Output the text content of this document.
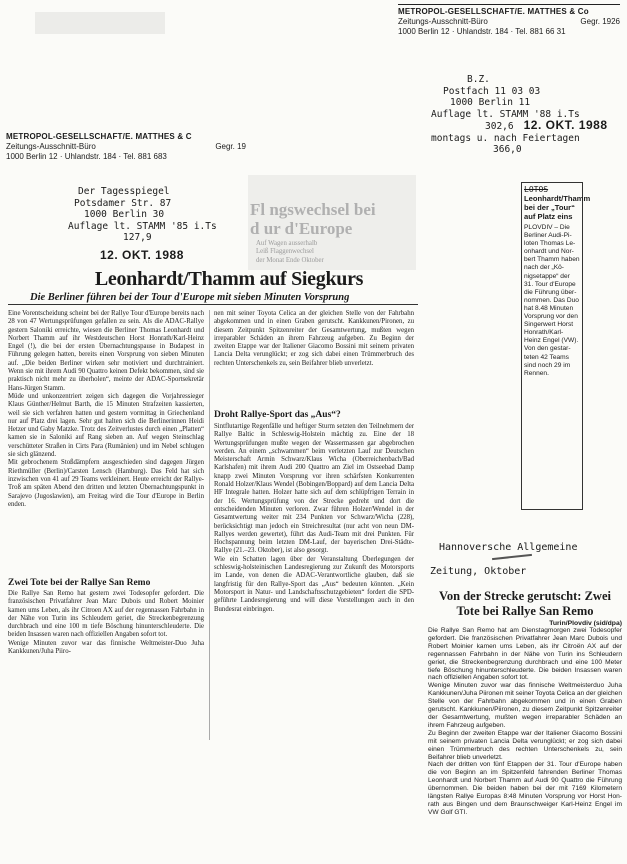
METROPOL-GESELLSCHAFT/E. MATTHES & Co
Zeitungs-Ausschnitt-Büro	Gegr. 1926
1000 Berlin 12 · Uhlandstr. 184 · Tel. 881 66 31
B.Z.
Postfach 11 03 03
1000 Berlin 11
Auflage lt. STAMM '88 i.Ts
302,6 12. OKT. 1988
montags u. nach Feiertagen
366,0
METROPOL-GESELLSCHAFT/E. MATTHES & C
Zeitungs-Ausschnitt-Büro	Gegr. 19
1000 Berlin 12 · Uhlandstr. 184 · Tel. 881 683
Der Tagesspiegel
Potsdamer Str. 87
1000 Berlin 30
Auflage lt. STAMM '85 i.Ts
127,9
12. OKT. 1988
Fl ngswechsel bei
d ur d'Europe
Auf Wagen ausserhalb
Leiß Flaggenwechsel
der Monat Ende Oktober
Leonhardt/Thamm auf Siegkurs
Die Berliner führen bei der Tour d'Europe mit sieben Minuten Vorsprung
Eine Vorentscheidung scheint bei der Rallye Tour d'Europe bereits nach 28 von 47 Wertungsprüfungen gefallen zu sein. Als die ADAC-Rallye gestern Saloniki erreichte, wiesen die Berliner Thomas Leonhardt und Norbert Thamm auf ihr Westdeutschen Horst Honrath/Karl-Heinz Engel (!), die bei der ersten Übernachtungspause in Budapest in Führung gelegen hatten, bereits einen Vorsprung von sieben Minuten auf. „Die beiden Berliner wirken sehr motiviert und durchtrainiert. Wenn sie mit ihrem Audi 90 Quattro keinen Defekt bekommen, sind sie praktisch nicht mehr zu überholen“, meinte der ADAC-Sportsekretär Hans-Jürgen Stamm.
Müde und unkonzentriert zeigen sich dagegen die Vorjahressieger Klaus Günther/Helmut Barth, die 15 Minuten Strafzeiten kassierten, weil sie sich verfahren hatten und gestern vormittag in Griechenland nur auf Platz drei lagen. Sehr gut halten sich die Berlinerinnen Heidi Hetzer und Gaby Matzke. Trotz des Zeitverlustes durch einen „Platten“ kamen sie in Saloniki auf Rang sieben an. Auf wegen Steinschlag verschütteter Straßen in Cirts Para (Rumänien) und im Nebel schlugen sie sich glänzend.
Mit gebrochenem Stoßdämpfern ausgeschieden sind dagegen Jürgen Riethmüller (Berlin)/Carsten Lensch (Hamburg). Das Feld hat sich inzwischen von 41 auf 29 Teams verkleinert. Heute erreicht der Rallye-Troß am späten Abend den dritten und letzten Übernachtungspunkt in Sarajevo (Jugoslawien), am Freitag wird die Tour d'Europe in Berlin enden.
Zwei Tote bei der Rallye San Remo
Die Rallye San Remo hat gestern zwei Todesopfer gefordert. Die französischen Privatfahrer Jean Marc Dubois und Robert Moinier kamen ums Leben, als ihr Citroen AX auf der regennassen Fahrbahn in der Nähe von Turin ins Schleudern geriet, die Streckenbegrenzung durchbrach und eine 100 m tiefe Böschung hinunterschleuderte. Die beiden Insassen waren nach offiziellen Angaben sofort tot.
Wenige Minuten zuvor war das finnische Weltmeister-Duo Juha Kankkunen/Juha Piiro-
nen mit seiner Toyota Celica an der gleichen Stelle von der Fahrbahn abgekommen und in einen Graben gerutscht. Kankkunen/Pironen, zu diesem Zeitpunkt Spitzenreiter der Gesamtwertung, mußten wegen irreparabler Schäden an ihrem Fahrzeug aufgeben. Zu Beginn der zweiten Etappe war der Italiener Giacomo Bossini mit seinem privaten Lancia Delta verunglückt; er zog sich dabei einen Trümmerbruch des rechten Unterschenkels zu, sein Beifahrer blieb unverletzt.
Droht Rallye-Sport das „Aus“?
Sintflutartige Regenfälle und heftiger Sturm setzten den Teilnehmern der Rallye Baltic in Schleswig-Holstein mächtig zu. Eine der 18 Wertungsprüfungen mußte wegen der Wassermassen gar abgebrochen werden. An einem „schwammen“ beim verletzten Lauf zur Deutschen Meisterschaft Armin Schwarz/Klaus Wicha (Oberreichenbach/Bad Karlshafen) mit ihrem Audi 200 Quattro am Ziel im Ostseebad Damp knapp zwei Minuten Vorsprung vor ihren schärfsten Konkurrenten Ronald Holzer/Klaus Wendel (Bobingen/Boppard) auf dem Lancia Delta HF Integrale hatten. Holzer hatte sich auf dem schlüpfrigen Terrain in der 16. Wertungsprüfung von der Strecke gedreht und dort die entscheidenden Minuten verloren. Zwar führen Holzer/Wendel in der Gesamtwertung weiter mit 234 Punkten vor Schwarz/Wicha (228), berücksichtigt man jedoch ein Streichresultat (nur acht von neun DM-Rallyes werden gewertet), führt das Audi-Team mit drei Punkten. Für Hochspannung beim letzten DM-Lauf, der bayerischen Drei-Städte-Rallye (21.–23. Oktober), ist also gesorgt.
Wie ein Schatten lagen über der Veranstaltung Überlegungen der schleswig-holsteinischen Landesregierung zur Zukunft des Motorsports im Lande, von denen die ADAC-Verantwortliche glauben, daß sie langfristig für den Rallye-Sport das „Aus“ bedeuten könnten. „Kein Motorsport in Natur- und Landschaftsschutzgebieten“ fordert die SPD-geführte Landesregierung und will diese Vorstellungen auch in den Bundesrat einbringen.
LOTOS
Leonhardt/Thamm bei der „Tour“ auf Platz eins
PLOVDIV – Die Berliner Audi-Piloten Thomas Leonhardt und Norbert Thamm haben nach der „Königsetappe“ der 31. Tour d'Europe die Führung übernommen. Das Duo hat 8.48 Minuten Vorsprung vor den Singerwert Horst Honrath/Karl-Heinz Engel (VW).
Von den gestarteten 42 Teams sind noch 29 im Rennen.
Hannoversche Allgemeine
Zeitung, Oktober
Von der Strecke gerutscht: Zwei Tote bei Rallye San Remo
Turin/Plovdiv (sid/dpa)
Die Rallye San Remo hat am Dienstagmorgen zwei Todesopfer gefordert. Die französischen Privatfahrer Jean Marc Dubois und Robert Moinier kamen ums Leben, als ihr Citroën AX auf der regennassen Fahrbahn in der Nähe von Turin ins Schleudern geriet, die Streckenbegrenzung durchbrach und eine 100 Meter tiefe Böschung hinunterschleuderte. Die beiden Insassen waren nach offiziellen Angaben sofort tot.
Wenige Minuten zuvor war das finnische Weltmeisterduo Juha Kankkunen/Juha Piironen mit seiner Toyota Celica an der gleichen Stelle von der Fahrbahn abgekommen und in einen Graben gerutscht. Kankkunen/Piironen, zu diesem Zeitpunkt Spitzenreiter der Gesamtwertung, mußten wegen irreparabler Schäden an ihrem Fahrzeug aufgeben.
Zu Beginn der zweiten Etappe war der Italiener Giacomo Bossini mit seinem privaten Lancia Delta verunglückt; er zog sich dabei einen Trümmerbruch des rechten Unterschenkels zu, sein Beifahrer blieb unverletzt.
Nach der dritten von fünf Etappen der 31. Tour d'Europe haben die von Beginn an im Spitzenfeld fahrenden Berliner Thomas Leonhardt und Norbert Thamm auf Audi 90 Quattro die Führung übernommen. Die beiden haben bei der mit 7169 Kilometern längsten Rallye Europas 8:48 Minuten Vorsprung vor Horst Honrath aus Bingen und dem Braunschweiger Karl-Heinz Engel im VW Golf GTI.
